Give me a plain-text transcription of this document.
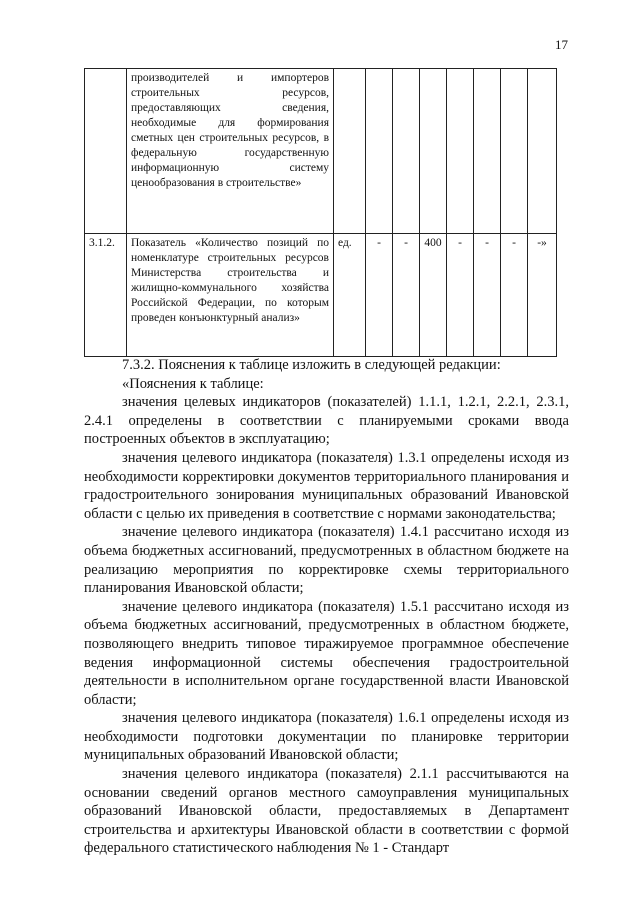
17
	производителей и импортеров строительных ресурсов, предоставляющих сведения, необходимые для формирования сметных цен строительных ресурсов, в федеральную государственную информационную систему ценообразования в строительстве»								
3.1.2.	Показатель «Количество позиций по номенклатуре строительных ресурсов Министерства строительства и жилищно-коммунального хозяйства Российской Федерации, по которым проведен конъюнктурный анализ»	ед.	-	-	400	-	-	-	-»

7.3.2. Пояснения к таблице изложить в следующей редакции:

«Пояснения к таблице:

значения целевых индикаторов (показателей) 1.1.1, 1.2.1, 2.2.1, 2.3.1, 2.4.1 определены в соответствии с планируемыми сроками ввода построенных объектов в эксплуатацию;

значения целевого индикатора (показателя) 1.3.1 определены исходя из необходимости корректировки документов территориального планирования и градостроительного зонирования муниципальных образований Ивановской области с целью их приведения в соответствие с нормами законодательства;

значение целевого индикатора (показателя) 1.4.1 рассчитано исходя из объема бюджетных ассигнований, предусмотренных в областном бюджете на реализацию мероприятия по корректировке схемы территориального планирования Ивановской области;

значение целевого индикатора (показателя) 1.5.1 рассчитано исходя из объема бюджетных ассигнований, предусмотренных в областном бюджете, позволяющего внедрить типовое тиражируемое программное обеспечение ведения информационной системы обеспечения градостроительной деятельности в исполнительном органе государственной власти Ивановской области;

значения целевого индикатора (показателя) 1.6.1 определены исходя из необходимости подготовки документации по планировке территории муниципальных образований Ивановской области;

значения целевого индикатора (показателя) 2.1.1 рассчитываются на основании сведений органов местного самоуправления муниципальных образований Ивановской области, предоставляемых в Департамент строительства и архитектуры Ивановской области в соответствии с формой федерального статистического наблюдения № 1 - Стандарт
